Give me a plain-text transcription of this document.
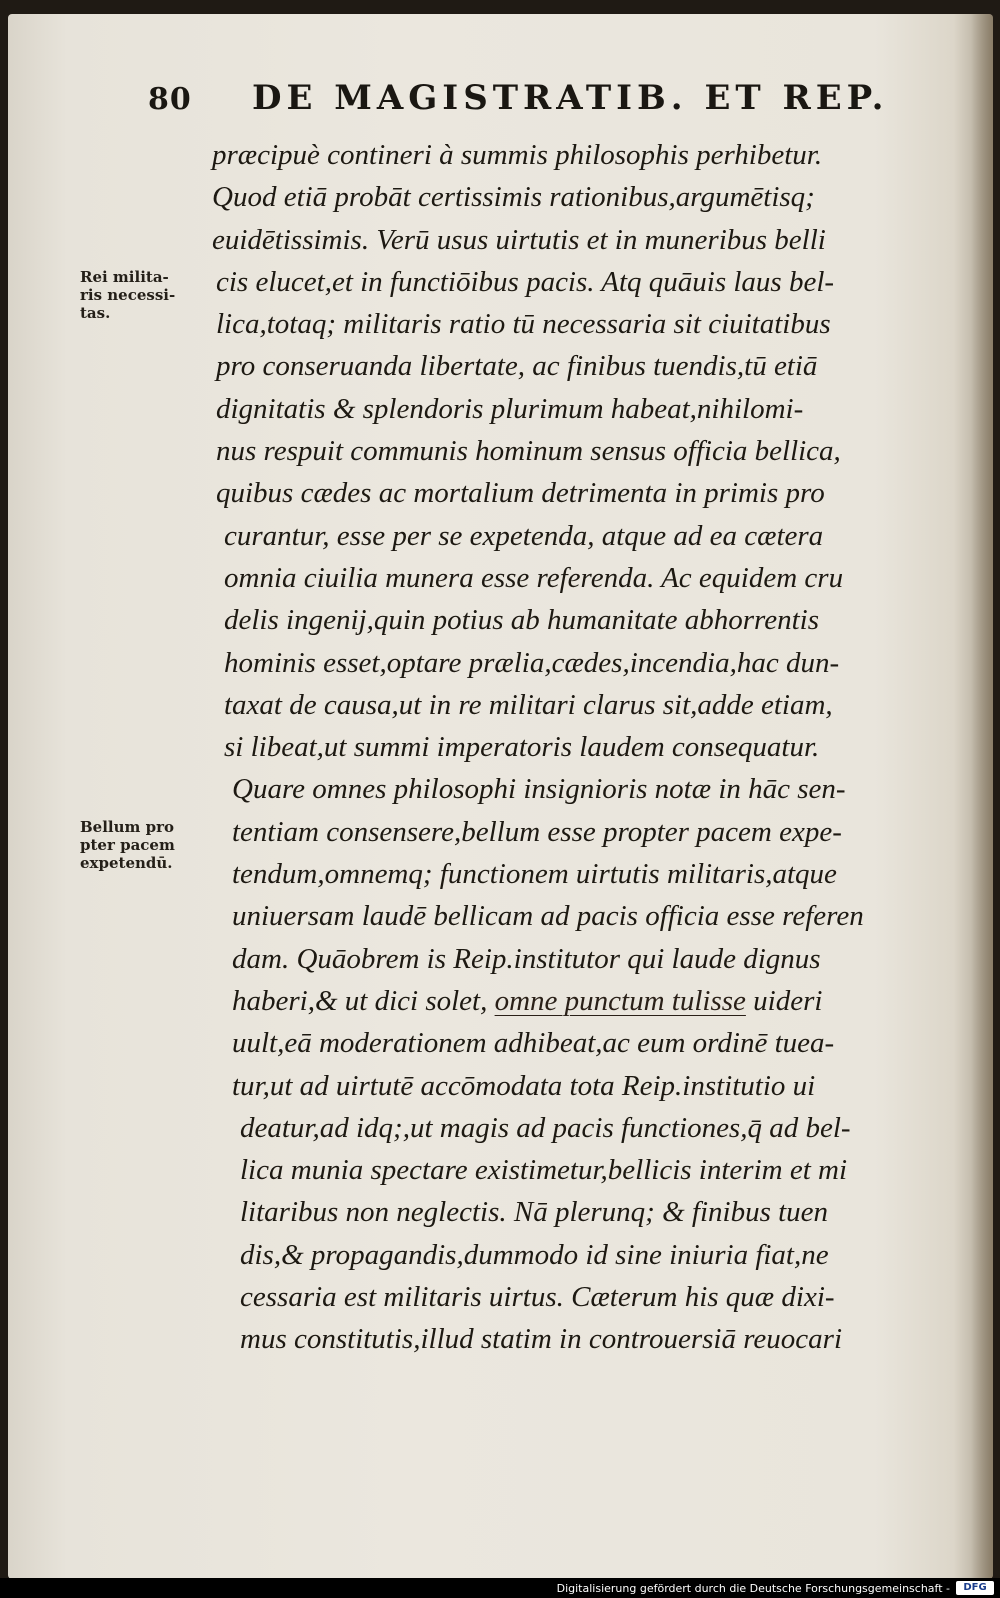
80 DE MAGISTRATIB. ET REP.
Rei milita-
ris necessi-
tas.
Bellum pro
pter pacem
expetendū.
præcipuè contineri à summis philosophis perhibetur.
Quod etiā probāt certissimis rationibus,argumētisq;
euidētissimis. Verū usus uirtutis et in muneribus belli
cis elucet,et in functiōibus pacis. Atq quāuis laus bel-
lica,totaq; militaris ratio tū necessaria sit ciuitatibus
pro conseruanda libertate, ac finibus tuendis,tū etiā
dignitatis & splendoris plurimum habeat,nihilomi-
nus respuit communis hominum sensus officia bellica,
quibus cædes ac mortalium detrimenta in primis pro
curantur, esse per se expetenda, atque ad ea cætera
omnia ciuilia munera esse referenda. Ac equidem cru
delis ingenij,quin potius ab humanitate abhorrentis
hominis esset,optare prælia,cædes,incendia,hac dun-
taxat de causa,ut in re militari clarus sit,adde etiam,
si libeat,ut summi imperatoris laudem consequatur.
Quare omnes philosophi insignioris notæ in hāc sen-
tentiam consensere,bellum esse propter pacem expe-
tendum,omnemq; functionem uirtutis militaris,atque
uniuersam laudē bellicam ad pacis officia esse referen
dam. Quāobrem is Reip.institutor qui laude dignus
haberi,& ut dici solet, omne punctum tulisse uideri
uult,eā moderationem adhibeat,ac eum ordinē tuea-
tur,ut ad uirtutē accōmodata tota Reip.institutio ui
deatur,ad idq;,ut magis ad pacis functiones,q̄ ad bel-
lica munia spectare existimetur,bellicis interim et mi
litaribus non neglectis. Nā plerunq; & finibus tuen
dis,& propagandis,dummodo id sine iniuria fiat,ne
cessaria est militaris uirtus. Cæterum his quæ dixi-
mus constitutis,illud statim in controuersiā reuocari
Digitalisierung gefördert durch die Deutsche Forschungsgemeinschaft -	DFG
